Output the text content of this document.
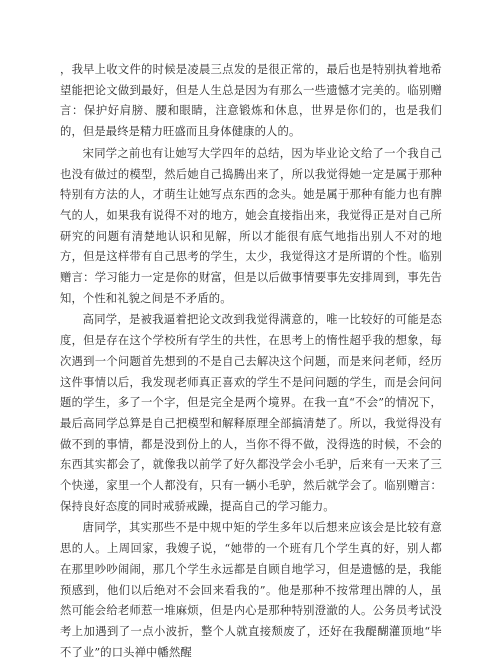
，我早上收文件的时候是凌晨三点发的是很正常的，最后也是特别执着地希望能把论文做到最好，但是人生总是因为有那么一些遗憾才完美的。临别赠言：保护好肩膀、腰和眼睛，注意锻炼和休息，世界是你们的，也是我们的，但是最终是精力旺盛而且身体健康的人的。

宋同学之前也有让她写大学四年的总结，因为毕业论文给了一个我自己也没有做过的模型，然后她自己捣腾出来了，所以我觉得她一定是属于那种特别有方法的人，才萌生让她写点东西的念头。她是属于那种有能力也有脾气的人，如果我有说得不对的地方，她会直接指出来，我觉得正是对自己所研究的问题有清楚地认识和见解，所以才能很有底气地指出别人不对的地方，但是这样带有自己思考的学生，太少，我觉得这才是所谓的个性。临别赠言：学习能力一定是你的财富，但是以后做事情要事先安排周到，事先告知，个性和礼貌之间是不矛盾的。

高同学，是被我逼着把论文改到我觉得满意的，唯一比较好的可能是态度，但是存在这个学校所有学生的共性，在思考上的惰性超乎我的想象，每次遇到一个问题首先想到的不是自己去解决这个问题，而是来问老师，经历这件事情以后，我发现老师真正喜欢的学生不是问问题的学生，而是会问问题的学生，多了一个字，但是完全是两个境界。在我一直“不会”的情况下，最后高同学总算是自己把模型和解释原理全部搞清楚了。所以，我觉得没有做不到的事情，都是没到份上的人，当你不得不做，没得选的时候，不会的东西其实都会了，就像我以前学了好久都没学会小毛驴，后来有一天来了三个快递，家里一个人都没有，只有一辆小毛驴，然后就学会了。临别赠言：保持良好态度的同时戒骄戒躁，提高自己的学习能力。

唐同学，其实那些不是中规中矩的学生多年以后想来应该会是比较有意思的人。上周回家，我嫂子说，“她带的一个班有几个学生真的好，别人都在那里吵吵闹闹，那几个学生永远都是自顾自地学习，但是遗憾的是，我能预感到，他们以后绝对不会回来看我的”。他是那种不按常理出牌的人，虽然可能会给老师惹一堆麻烦，但是内心是那种特别澄澈的人。公务员考试没考上加遇到了一点小波折，整个人就直接颓废了，还好在我醍醐灌顶地“毕不了业”的口头禅中幡然醒
